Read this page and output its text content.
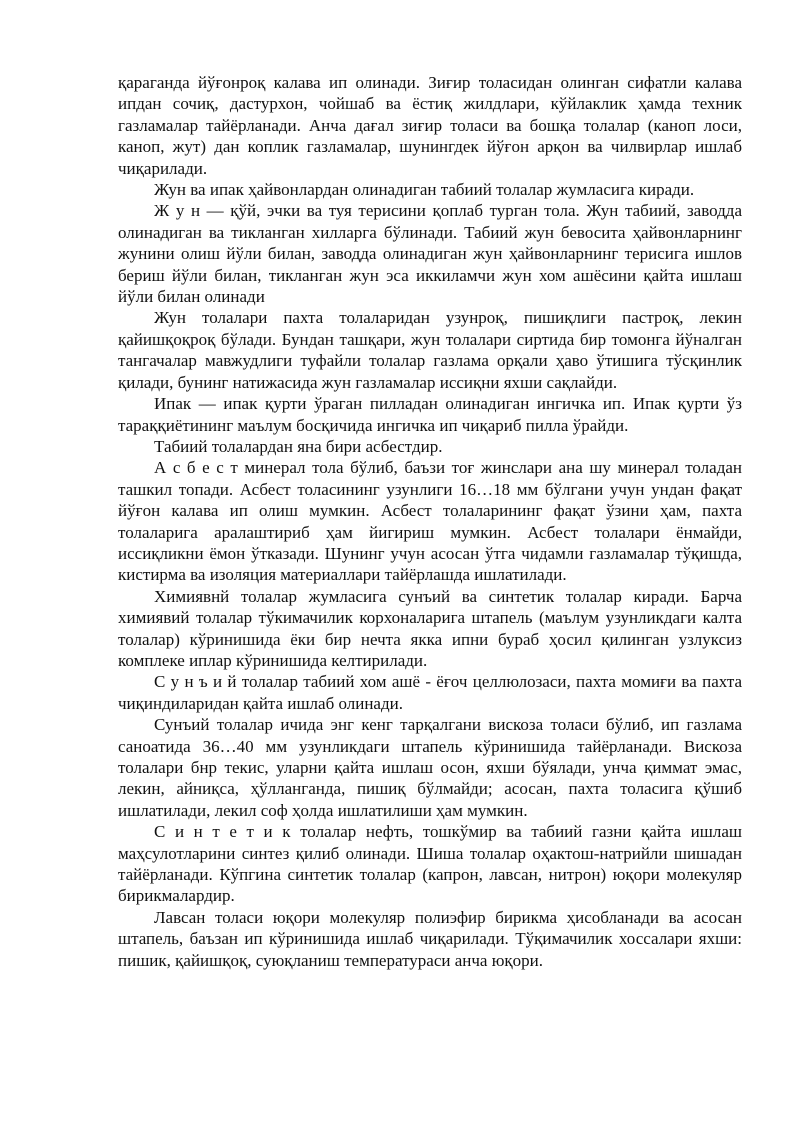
қараганда йўғонроқ калава ип олинади. Зиғир толасидан олинган сифатли калава ипдан сочиқ, дастурхон, чойшаб ва ёстиқ жилдлари, кўйлаклик ҳамда техник газламалар тайёрланади. Анча дағал зиғир толаси ва бошқа толалар (каноп лоси, каноп, жут) дан коплик газламалар, шунингдек йўғон арқон ва чилвирлар ишлаб чиқарилади.

Жун ва ипак ҳайвонлардан олинадиган табиий толалар жумласига киради.

Ж у н — қўй, эчки ва туя терисини қоплаб турган тола. Жун табиий, заводда олинадиган ва тикланган хилларга бўлинади. Табиий жун бевосита ҳайвонларнинг жунини олиш йўли билан, заводда олинадиган жун ҳайвонларнинг терисига ишлов бериш йўли билан, тикланган жун эса иккиламчи жун хом ашёсини қайта ишлаш йўли билан олинади

Жун толалари пахта толаларидан узунроқ, пишиқлиги пастроқ, лекин қайишқоқроқ бўлади. Бундан ташқари, жун толалари сиртида бир томонга йўналган тангачалар мавжудлиги туфайли толалар газлама орқали ҳаво ўтишига тўсқинлик қилади, бунинг натижасида жун газламалар иссиқни яхши сақлайди.

Ипак — ипак қурти ўраган пилладан олинадиган ингичка ип. Ипак қурти ўз тараққиётининг маълум босқичида ингичка ип чиқариб пилла ўрайди.

Табиий толалардан яна бири асбестдир.

А с б е с т минерал тола бўлиб, баъзи тоғ жинслари ана шу минерал толадан ташкил топади. Асбест толасининг узунлиги 16…18 мм бўлгани учун ундан фақат йўғон калава ип олиш мумкин. Асбест толаларининг фақат ўзини ҳам, пахта толаларига аралаштириб ҳам йигириш мумкин. Асбест толалари ёнмайди, иссиқликни ёмон ўтказади. Шунинг учун асосан ўтга чидамли газламалар тўқишда, кистирма ва изоляция материаллари тайёрлашда ишлатилади.

Химиявнй толалар жумласига сунъий ва синтетик толалар киради. Барча химиявий толалар тўкимачилик корхоналарига штапель (маълум узунликдаги калта толалар) кўринишида ёки бир нечта якка ипни бураб ҳосил қилинган узлуксиз комплеке иплар кўринишида келтирилади.

С у н ъ и й толалар табиий хом ашё - ёғоч целлюлозаси, пахта момиғи ва пахта чиқиндиларидан қайта ишлаб олинади.

Сунъий толалар ичида энг кенг тарқалгани вискоза толаси бўлиб, ип газлама саноатида 36…40 мм узунликдаги штапель кўринишида тайёрланади. Вискоза толалари бнр текис, уларни қайта ишлаш осон, яхши бўялади, унча қиммат эмас, лекин, айниқса, ҳўлланганда, пишиқ бўлмайди; асосан, пахта толасига қўшиб ишлатилади, лекил соф ҳолда ишлатилиши ҳам мумкин.

С и н т е т и к толалар нефть, тошкўмир ва табиий газни қайта ишлаш маҳсулотларини синтез қилиб олинади. Шиша толалар оҳактош-натрийли шишадан тайёрланади. Кўпгина синтетик толалар (капрон, лавсан, нитрон) юқори молекуляр бирикмалардир.

Лавсан толаси юқори молекуляр полиэфир бирикма ҳисобланади ва асосан штапель, баъзан ип кўринишида ишлаб чиқарилади. Тўқимачилик хоссалари яхши: пишик, қайишқоқ, суюқланиш температураси анча юқори.
